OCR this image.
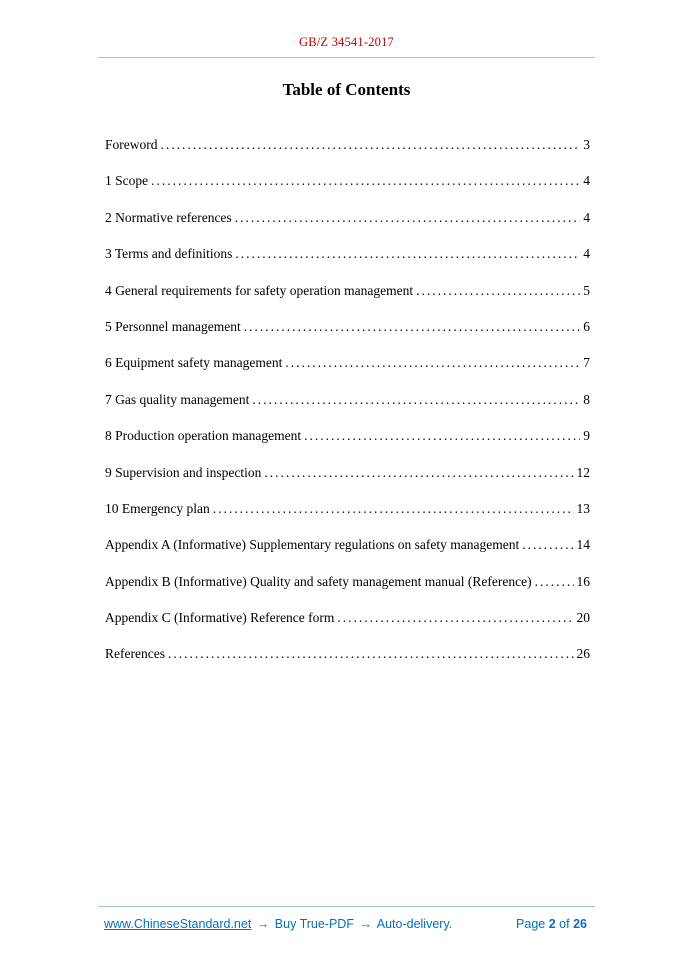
GB/Z 34541-2017
Table of Contents
Foreword .....	3
1 Scope .....	4
2 Normative references .....	4
3 Terms and definitions .....	4
4 General requirements for safety operation management .....	5
5 Personnel management .....	6
6 Equipment safety management .....	7
7 Gas quality management .....	8
8 Production operation management .....	9
9 Supervision and inspection .....	12
10 Emergency plan .....	13
Appendix A (Informative) Supplementary regulations on safety management .....	14
Appendix B (Informative) Quality and safety management manual (Reference) .....	16
Appendix C (Informative) Reference form .....	20
References .....	26
www.ChineseStandard.net → Buy True-PDF → Auto-delivery.	Page 2 of 26
